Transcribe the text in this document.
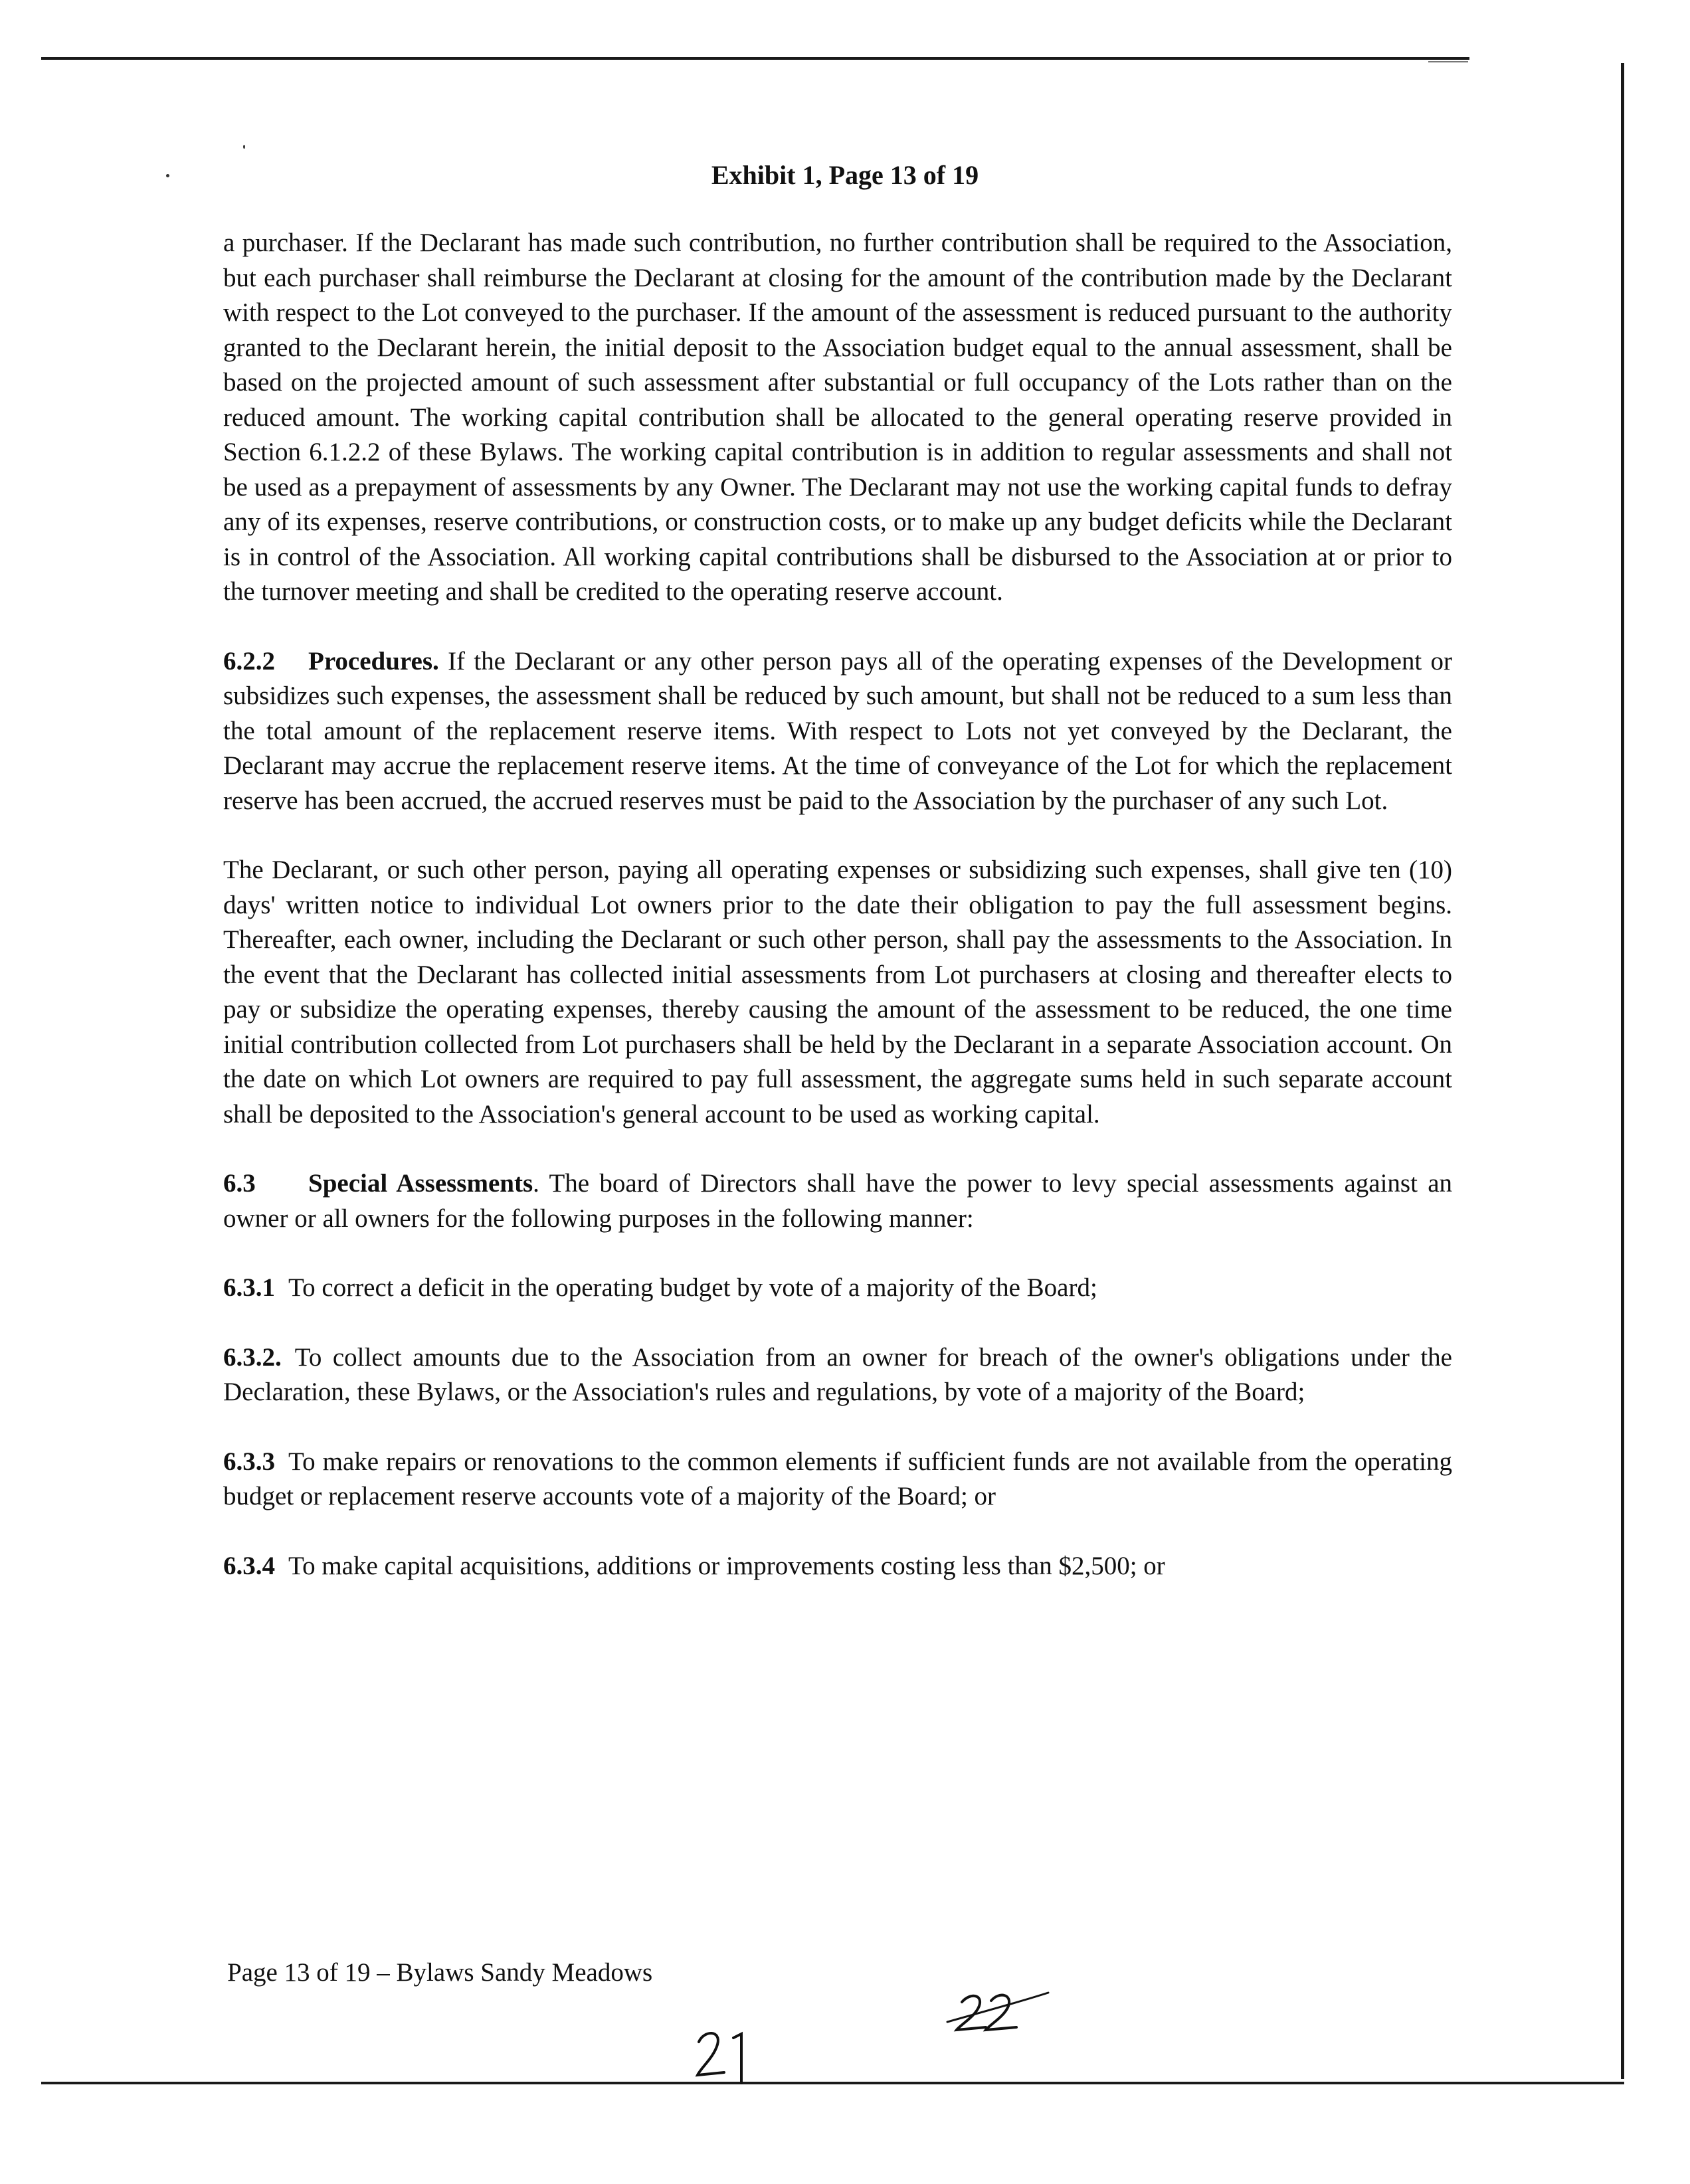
Exhibit 1, Page 13 of 19

a purchaser. If the Declarant has made such contribution, no further contribution shall be required to the Association, but each purchaser shall reimburse the Declarant at closing for the amount of the contribution made by the Declarant with respect to the Lot conveyed to the purchaser. If the amount of the assessment is reduced pursuant to the authority granted to the Declarant herein, the initial deposit to the Association budget equal to the annual assessment, shall be based on the projected amount of such assessment after substantial or full occupancy of the Lots rather than on the reduced amount. The working capital contribution shall be allocated to the general operating reserve provided in Section 6.1.2.2 of these Bylaws. The working capital contribution is in addition to regular assessments and shall not be used as a prepayment of assessments by any Owner. The Declarant may not use the working capital funds to defray any of its expenses, reserve contributions, or construction costs, or to make up any budget deficits while the Declarant is in control of the Association. All working capital contributions shall be disbursed to the Association at or prior to the turnover meeting and shall be credited to the operating reserve account.

6.2.2 Procedures. If the Declarant or any other person pays all of the operating expenses of the Development or subsidizes such expenses, the assessment shall be reduced by such amount, but shall not be reduced to a sum less than the total amount of the replacement reserve items. With respect to Lots not yet conveyed by the Declarant, the Declarant may accrue the replacement reserve items. At the time of conveyance of the Lot for which the replacement reserve has been accrued, the accrued reserves must be paid to the Association by the purchaser of any such Lot.

The Declarant, or such other person, paying all operating expenses or subsidizing such expenses, shall give ten (10) days' written notice to individual Lot owners prior to the date their obligation to pay the full assessment begins. Thereafter, each owner, including the Declarant or such other person, shall pay the assessments to the Association. In the event that the Declarant has collected initial assessments from Lot purchasers at closing and thereafter elects to pay or subsidize the operating expenses, thereby causing the amount of the assessment to be reduced, the one time initial contribution collected from Lot purchasers shall be held by the Declarant in a separate Association account. On the date on which Lot owners are required to pay full assessment, the aggregate sums held in such separate account shall be deposited to the Association's general account to be used as working capital.

6.3 Special Assessments. The board of Directors shall have the power to levy special assessments against an owner or all owners for the following purposes in the following manner:

6.3.1 To correct a deficit in the operating budget by vote of a majority of the Board;

6.3.2. To collect amounts due to the Association from an owner for breach of the owner's obligations under the Declaration, these Bylaws, or the Association's rules and regulations, by vote of a majority of the Board;

6.3.3 To make repairs or renovations to the common elements if sufficient funds are not available from the operating budget or replacement reserve accounts vote of a majority of the Board; or

6.3.4 To make capital acquisitions, additions or improvements costing less than $2,500; or

Page 13 of 19 – Bylaws Sandy Meadows
